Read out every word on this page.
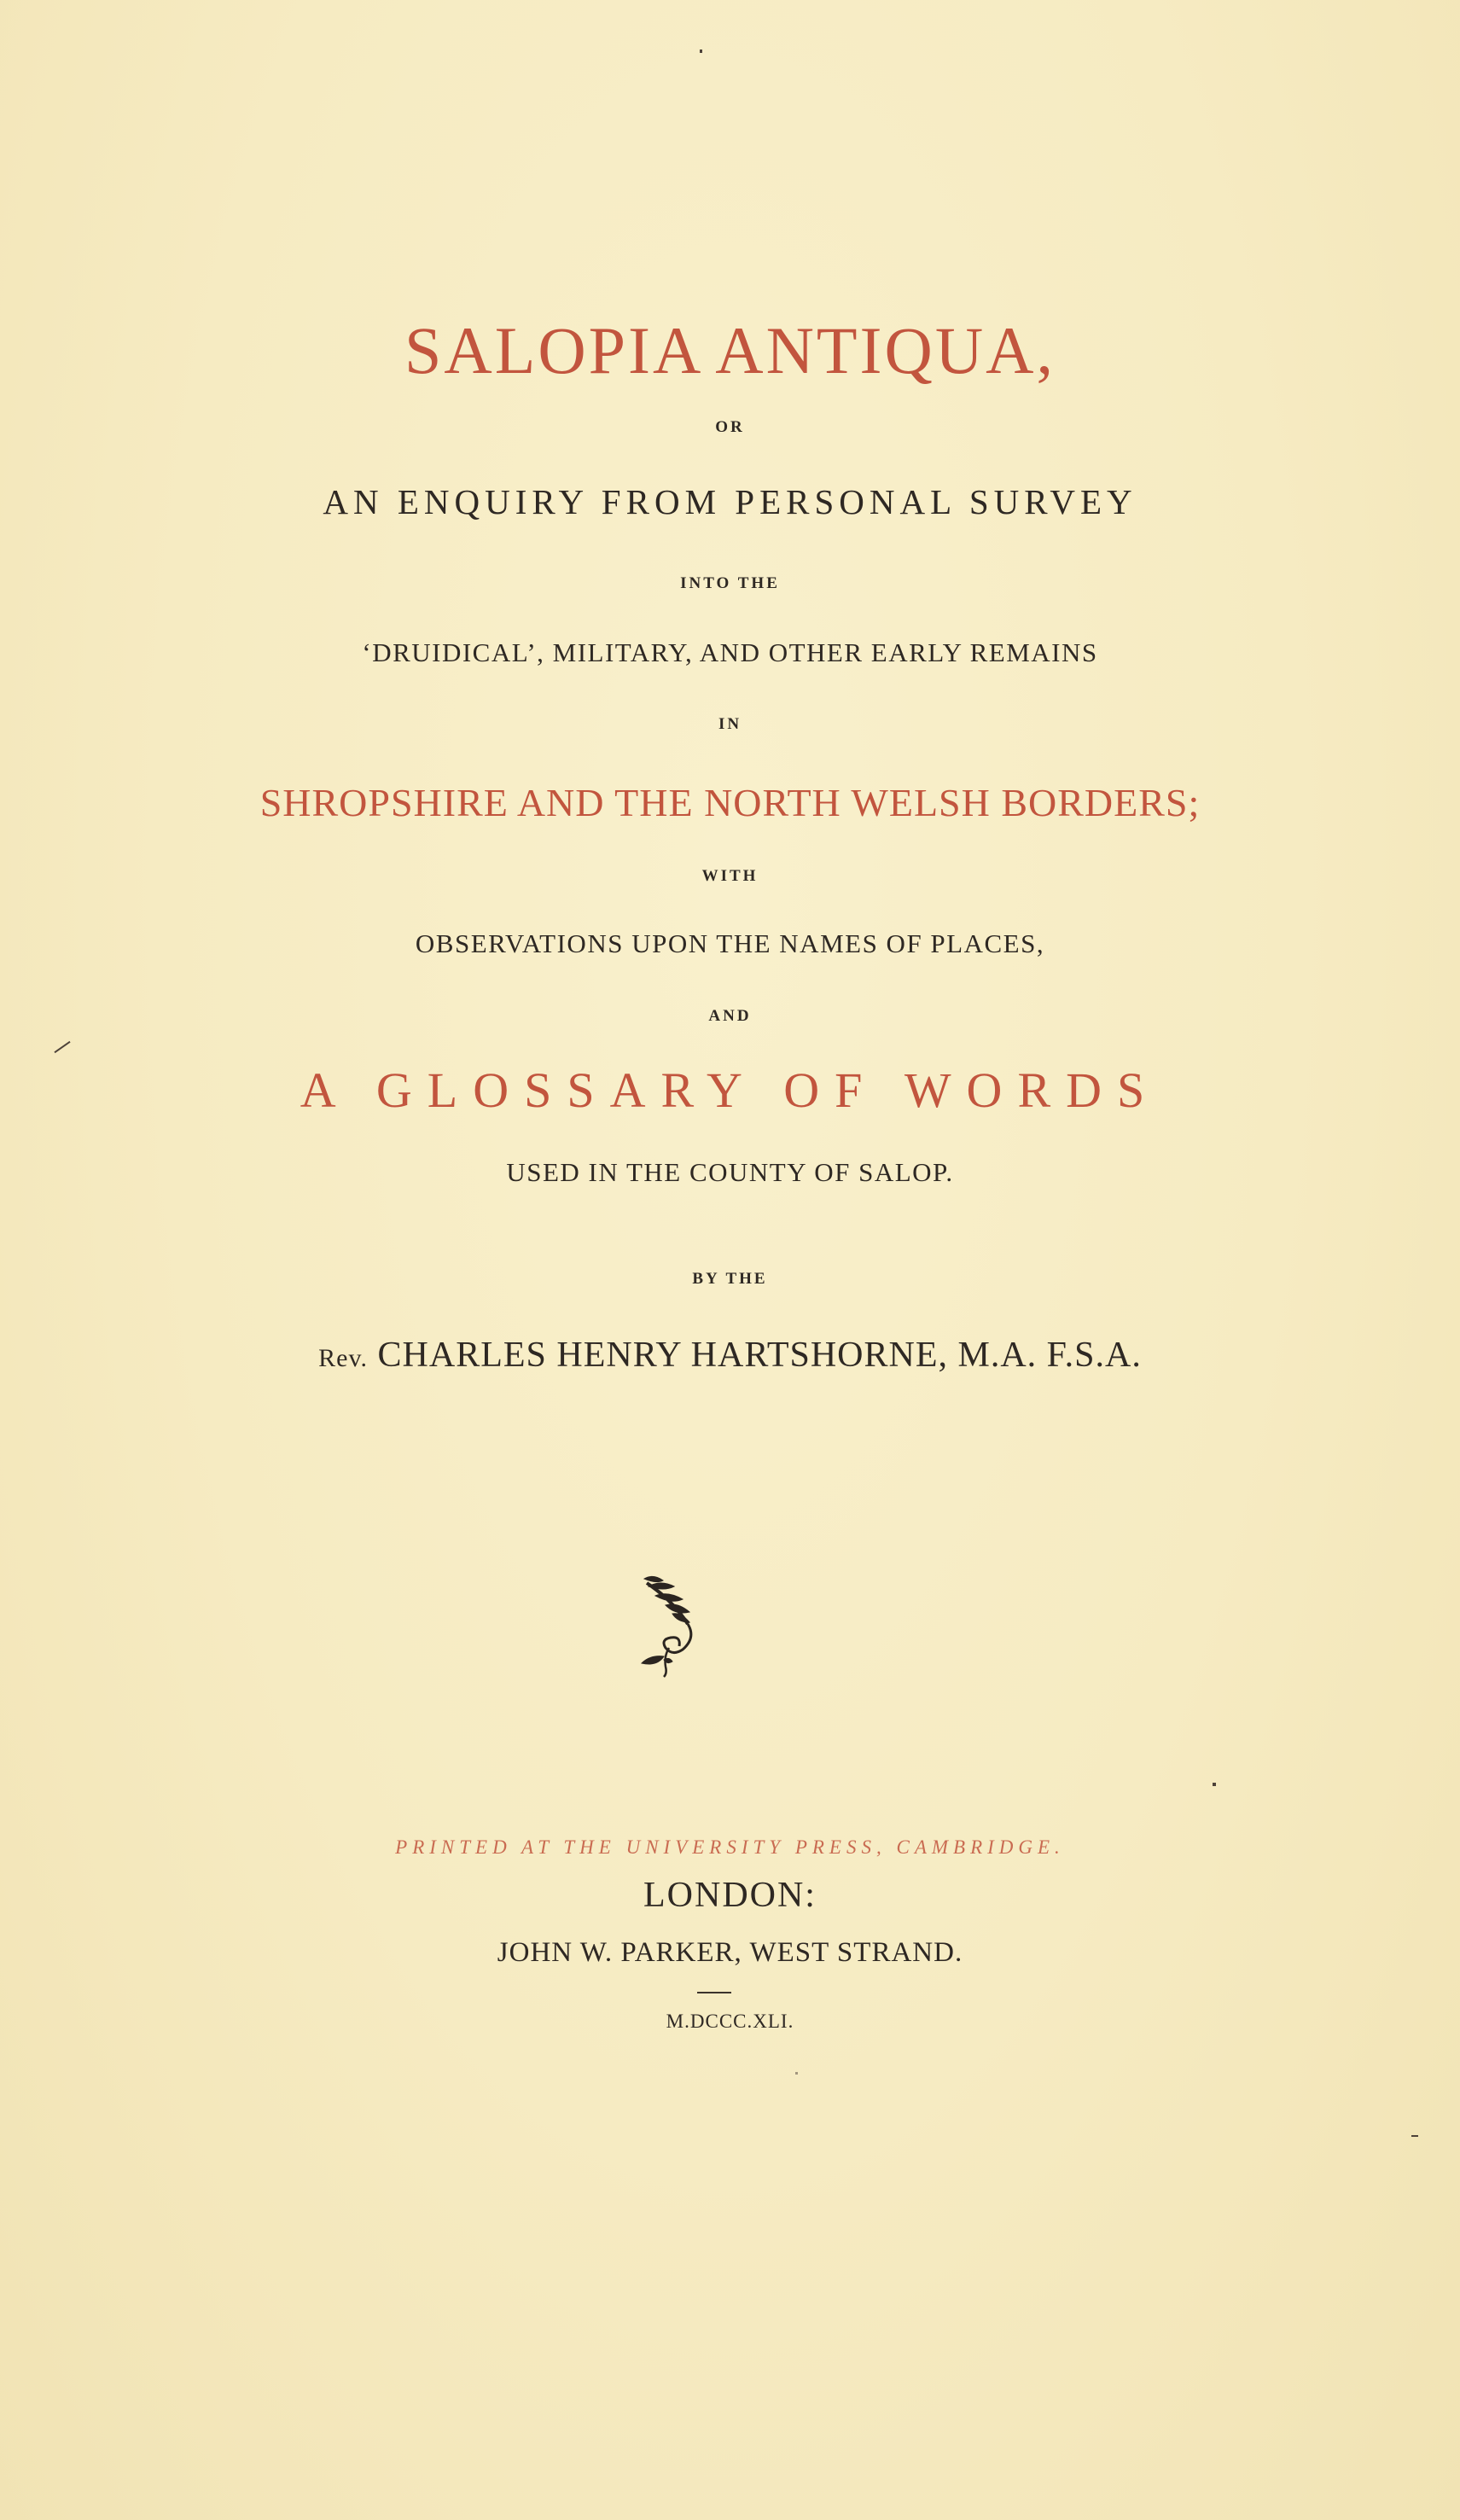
SALOPIA ANTIQUA,
OR
AN ENQUIRY FROM PERSONAL SURVEY
INTO THE
‘DRUIDICAL’, MILITARY, AND OTHER EARLY REMAINS
IN
SHROPSHIRE AND THE NORTH WELSH BORDERS;
WITH
OBSERVATIONS UPON THE NAMES OF PLACES,
AND
A GLOSSARY OF WORDS
USED IN THE COUNTY OF SALOP.
BY THE
Rev. CHARLES HENRY HARTSHORNE, M.A. F.S.A.
PRINTED AT THE UNIVERSITY PRESS, CAMBRIDGE.
LONDON:
JOHN W. PARKER, WEST STRAND.
M.DCCC.XLI.
